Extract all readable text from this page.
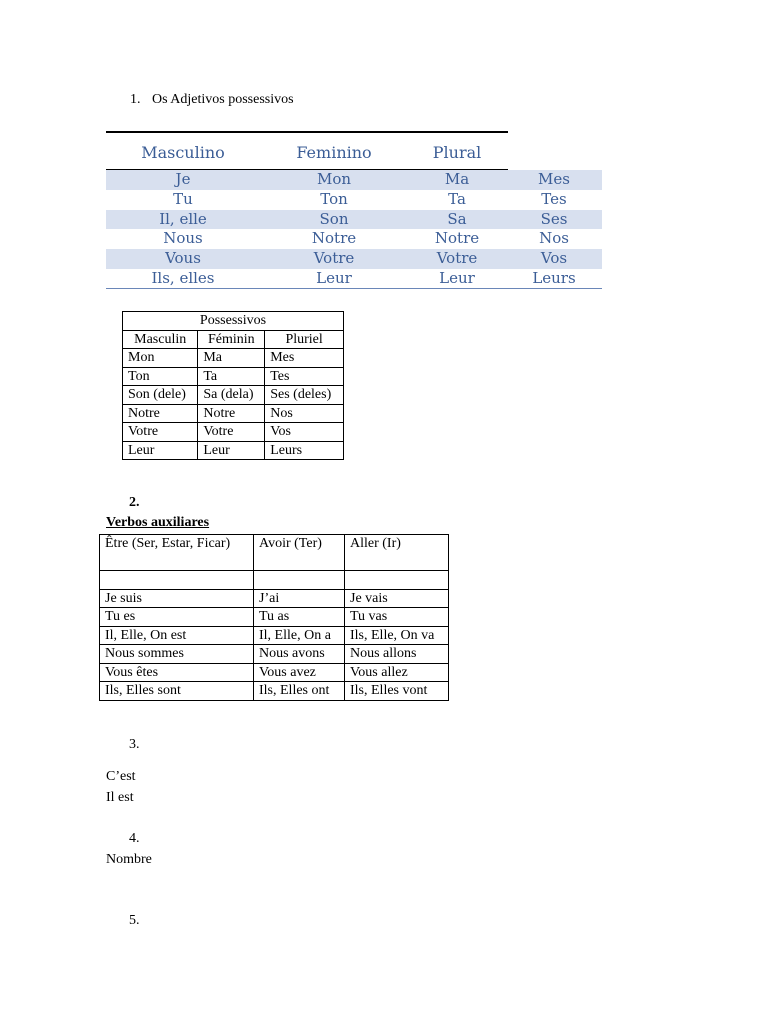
1. Os Adjetivos possessivos
Masculino	Feminino	Plural
Je	Mon	Ma	Mes
Tu	Ton	Ta	Tes
Il, elle	Son	Sa	Ses
Nous	Notre	Notre	Nos
Vous	Votre	Votre	Vos
Ils, elles	Leur	Leur	Leurs
Possessivos		
Masculin	Féminin	Pluriel
Mon	Ma	Mes
Ton	Ta	Tes
Son (dele)	Sa (dela)	Ses (deles)
Notre	Notre	Nos
Votre	Votre	Vos
Leur	Leur	Leurs
2.
Verbos auxiliares
Être (Ser, Estar, Ficar)	Avoir (Ter)	Aller (Ir)

Je suis	J’ai	Je vais
Tu es	Tu as	Tu vas
Il, Elle, On est	Il, Elle, On a	Ils, Elle, On va
Nous sommes	Nous avons	Nous allons
Vous êtes	Vous avez	Vous allez
Ils, Elles sont	Ils, Elles ont	Ils, Elles vont
3.
C’est
Il est
4.
Nombre
5.
